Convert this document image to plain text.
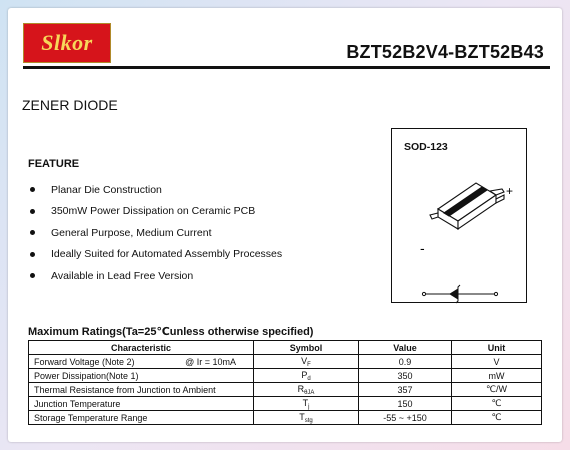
Slkor	BZT52B2V4-BZT52B43
ZENER DIODE
FEATURE
Planar Die Construction
350mW Power Dissipation on Ceramic PCB
General Purpose, Medium Current
Ideally Suited for Automated Assembly Processes
Available in Lead Free Version
SOD-123
+
-
Maximum Ratings(Ta=25℃unless otherwise specified)
Characteristic	Symbol	Value	Unit

Forward Voltage (Note 2) @ Ir = 10mA	$V_F$	0.9	V
Power Dissipation(Note 1)	$P_d$	350	mW
Thermal Resistance from Junction to Ambient	$R_{\theta JA}$	357	℃/W
Junction Temperature	$T_j$	150	℃
Storage Temperature Range	$T_{stg}$	-55 ~ +150	℃
